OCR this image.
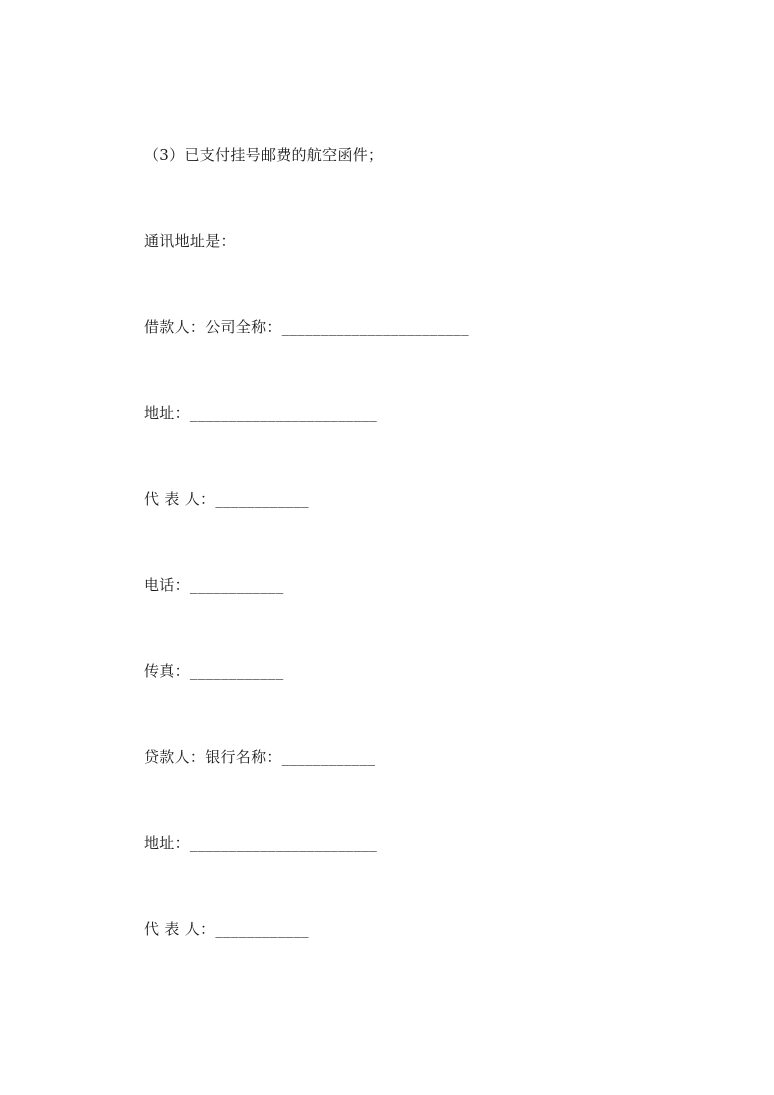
（3）已支付挂号邮费的航空函件；
通讯地址是：
借款人：公司全称：________________________
地址：________________________
代 表 人：____________
电话：____________
传真：____________
贷款人：银行名称：____________
地址：________________________
代 表 人：____________
